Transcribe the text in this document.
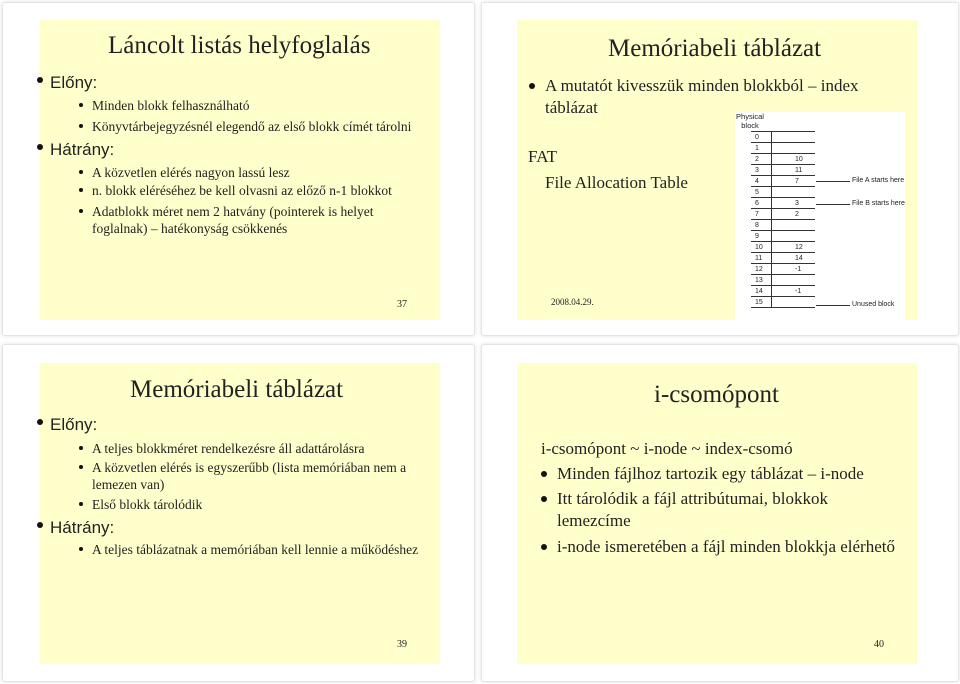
Láncolt listás helyfoglalás
Előny:
Minden blokk felhasználható
Könyvtárbejegyzésnél elegendő az első blokk címét tárolni
Hátrány:
A közvetlen elérés nagyon lassú lesz
n. blokk eléréséhez be kell olvasni az előző n-1 blokkot
Adatblokk méret nem 2 hatvány (pointerek is helyet
foglalnak) – hatékonyság csökkenés
37
Memóriabeli táblázat
A mutatót kivesszük minden blokkból – index
táblázat
FAT
File Allocation Table
2008.04.29.
Physical block
0
1
2	10
3	11
4	7
5
6	3
7	2
8
9
10	12
11	14
12	-1
13
14	-1
15
File A starts here
File B starts here
Unused block
Memóriabeli táblázat
Előny:
A teljes blokkméret rendelkezésre áll adattárolásra
A közvetlen elérés is egyszerűbb (lista memóriában nem a
lemezen van)
Első blokk tárolódik
Hátrány:
A teljes táblázatnak a memóriában kell lennie a működéshez
39
i-csomópont
i-csomópont ~ i-node ~ index-csomó
Minden fájlhoz tartozik egy táblázat – i-node
Itt tárolódik a fájl attribútumai, blokkok
lemezcíme
i-node ismeretében a fájl minden blokkja elérhető
40
